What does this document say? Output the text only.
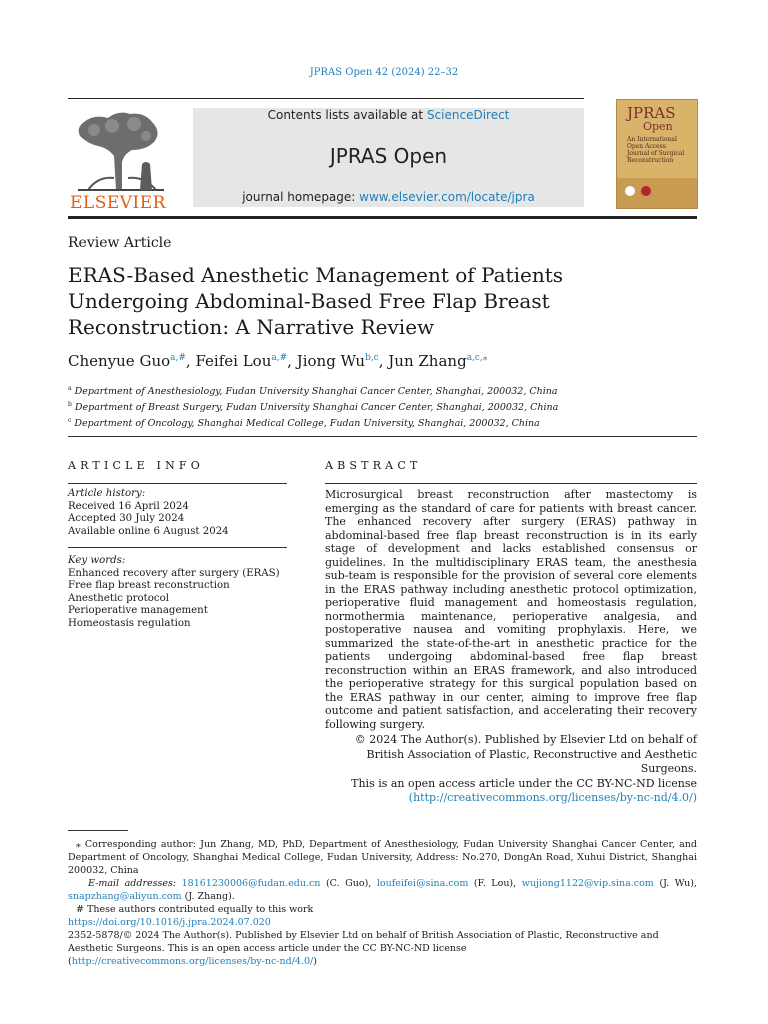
JPRAS Open 42 (2024) 22–32
ELSEVIER
Contents lists available at ScienceDirect
JPRAS Open
journal homepage: www.elsevier.com/locate/jpra
JPRAS
Open
An International Open Access Journal of Surgical Reconstruction
Review Article
ERAS-Based Anesthetic Management of Patients Undergoing Abdominal-Based Free Flap Breast Reconstruction: A Narrative Review
Chenyue Guo$^{a,\#}$, Feifei Lou$^{a,\#}$, Jiong Wu$^{b,c}$, Jun Zhang$^{a,c,⁎}$
$^a$ Department of Anesthesiology, Fudan University Shanghai Cancer Center, Shanghai, 200032, China
$^b$ Department of Breast Surgery, Fudan University Shanghai Cancer Center, Shanghai, 200032, China
$^c$ Department of Oncology, Shanghai Medical College, Fudan University, Shanghai, 200032, China
ARTICLE INFO	ABSTRACT
Article history:
Received 16 April 2024
Accepted 30 July 2024
Available online 6 August 2024
Key words:
Enhanced recovery after surgery (ERAS)
Free flap breast reconstruction
Anesthetic protocol
Perioperative management
Homeostasis regulation
Microsurgical breast reconstruction after mastectomy is emerging as the standard of care for patients with breast cancer. The enhanced recovery after surgery (ERAS) pathway in abdominal-based free flap breast reconstruction is in its early stage of development and lacks established consensus or guidelines. In the multidisciplinary ERAS team, the anesthesia sub-team is responsible for the provision of several core elements in the ERAS pathway including anesthetic protocol optimization, perioperative fluid management and homeostasis regulation, normothermia maintenance, perioperative analgesia, and postoperative nausea and vomiting prophylaxis. Here, we summarized the state-of-the-art in anesthetic practice for the patients undergoing abdominal-based free flap breast reconstruction within an ERAS framework, and also introduced the perioperative strategy for this surgical population based on the ERAS pathway in our center, aiming to improve free flap outcome and patient satisfaction, and accelerating their recovery following surgery.
© 2024 The Author(s). Published by Elsevier Ltd on behalf of
British Association of Plastic, Reconstructive and Aesthetic
Surgeons.
This is an open access article under the CC BY-NC-ND license
(http://creativecommons.org/licenses/by-nc-nd/4.0/)

⁎ Corresponding author: Jun Zhang, MD, PhD, Department of Anesthesiology, Fudan University Shanghai Cancer Center, and Department of Oncology, Shanghai Medical College, Fudan University, Address: No.270, DongAn Road, Xuhui District, Shanghai 200032, China

E-mail addresses: 18161230006@fudan.edu.cn (C. Guo), loufeifei@sina.com (F. Lou), wujiong1122@vip.sina.com (J. Wu), snapzhang@aliyun.com (J. Zhang).

# These authors contributed equally to this work

https://doi.org/10.1016/j.jpra.2024.07.020

2352-5878/© 2024 The Author(s). Published by Elsevier Ltd on behalf of British Association of Plastic, Reconstructive and Aesthetic Surgeons. This is an open access article under the CC BY-NC-ND license
(http://creativecommons.org/licenses/by-nc-nd/4.0/)
